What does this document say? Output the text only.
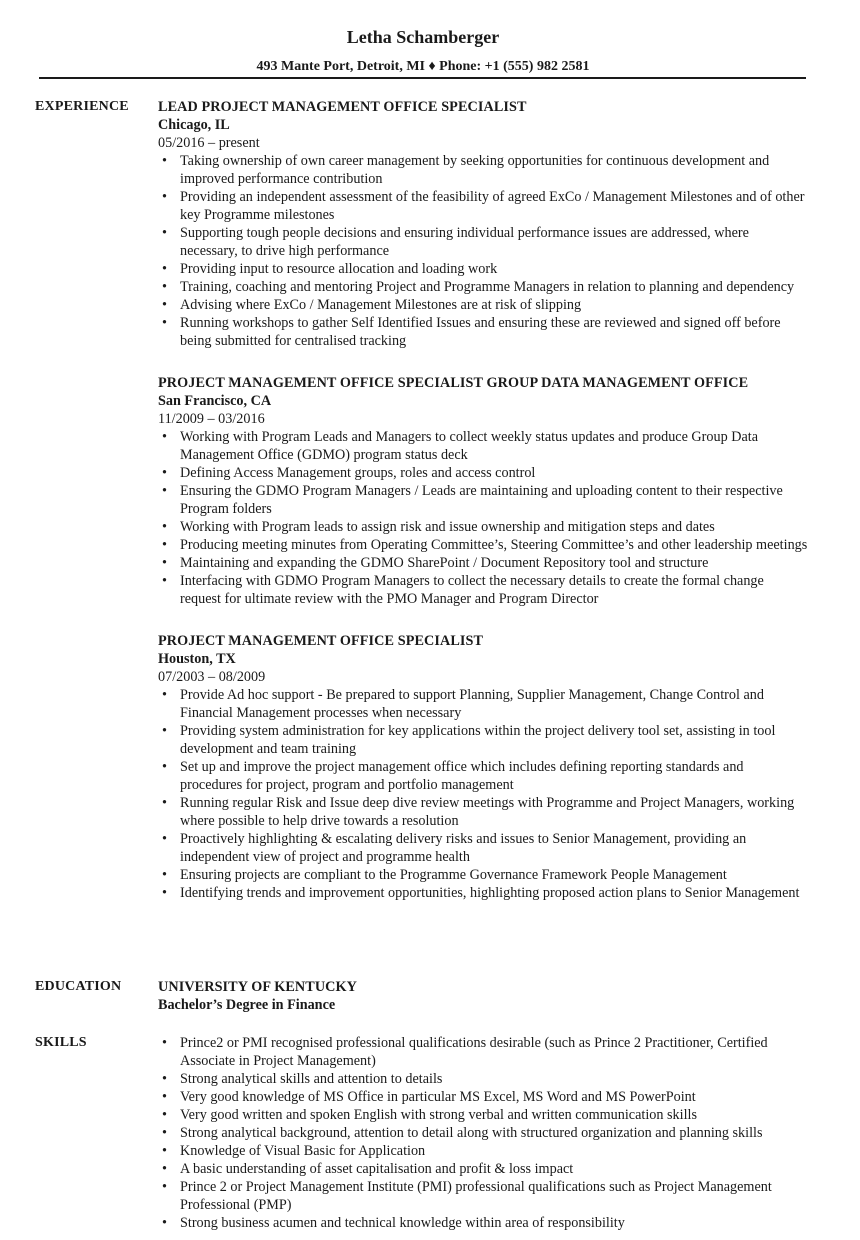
Letha Schamberger
493 Mante Port, Detroit, MI ♦ Phone: +1 (555) 982 2581
EXPERIENCE LEAD PROJECT MANAGEMENT OFFICE SPECIALIST
Chicago, IL
05/2016 – present
• Taking ownership of own career management by seeking opportunities for continuous development and improved performance contribution
• Providing an independent assessment of the feasibility of agreed ExCo / Management Milestones and of other key Programme milestones
• Supporting tough people decisions and ensuring individual performance issues are addressed, where necessary, to drive high performance
• Providing input to resource allocation and loading work
• Training, coaching and mentoring Project and Programme Managers in relation to planning and dependency
• Advising where ExCo / Management Milestones are at risk of slipping
• Running workshops to gather Self Identified Issues and ensuring these are reviewed and signed off before being submitted for centralised tracking
PROJECT MANAGEMENT OFFICE SPECIALIST GROUP DATA MANAGEMENT OFFICE
San Francisco, CA
11/2009 – 03/2016
• Working with Program Leads and Managers to collect weekly status updates and produce Group Data Management Office (GDMO) program status deck
• Defining Access Management groups, roles and access control
• Ensuring the GDMO Program Managers / Leads are maintaining and uploading content to their respective Program folders
• Working with Program leads to assign risk and issue ownership and mitigation steps and dates
• Producing meeting minutes from Operating Committee’s, Steering Committee’s and other leadership meetings
• Maintaining and expanding the GDMO SharePoint / Document Repository tool and structure
• Interfacing with GDMO Program Managers to collect the necessary details to create the formal change request for ultimate review with the PMO Manager and Program Director
PROJECT MANAGEMENT OFFICE SPECIALIST
Houston, TX
07/2003 – 08/2009
• Provide Ad hoc support - Be prepared to support Planning, Supplier Management, Change Control and Financial Management processes when necessary
• Providing system administration for key applications within the project delivery tool set, assisting in tool development and team training
• Set up and improve the project management office which includes defining reporting standards and procedures for project, program and portfolio management
• Running regular Risk and Issue deep dive review meetings with Programme and Project Managers, working where possible to help drive towards a resolution
• Proactively highlighting & escalating delivery risks and issues to Senior Management, providing an independent view of project and programme health
• Ensuring projects are compliant to the Programme Governance Framework People Management
• Identifying trends and improvement opportunities, highlighting proposed action plans to Senior Management
EDUCATION	UNIVERSITY OF KENTUCKY
Bachelor’s Degree in Finance
SKILLS	• Prince2 or PMI recognised professional qualifications desirable (such as Prince 2 Practitioner, Certified Associate in Project Management)
• Strong analytical skills and attention to details
• Very good knowledge of MS Office in particular MS Excel, MS Word and MS PowerPoint
• Very good written and spoken English with strong verbal and written communication skills
• Strong analytical background, attention to detail along with structured organization and planning skills
• Knowledge of Visual Basic for Application
• A basic understanding of asset capitalisation and profit & loss impact
• Prince 2 or Project Management Institute (PMI) professional qualifications such as Project Management Professional (PMP)
• Strong business acumen and technical knowledge within area of responsibility
